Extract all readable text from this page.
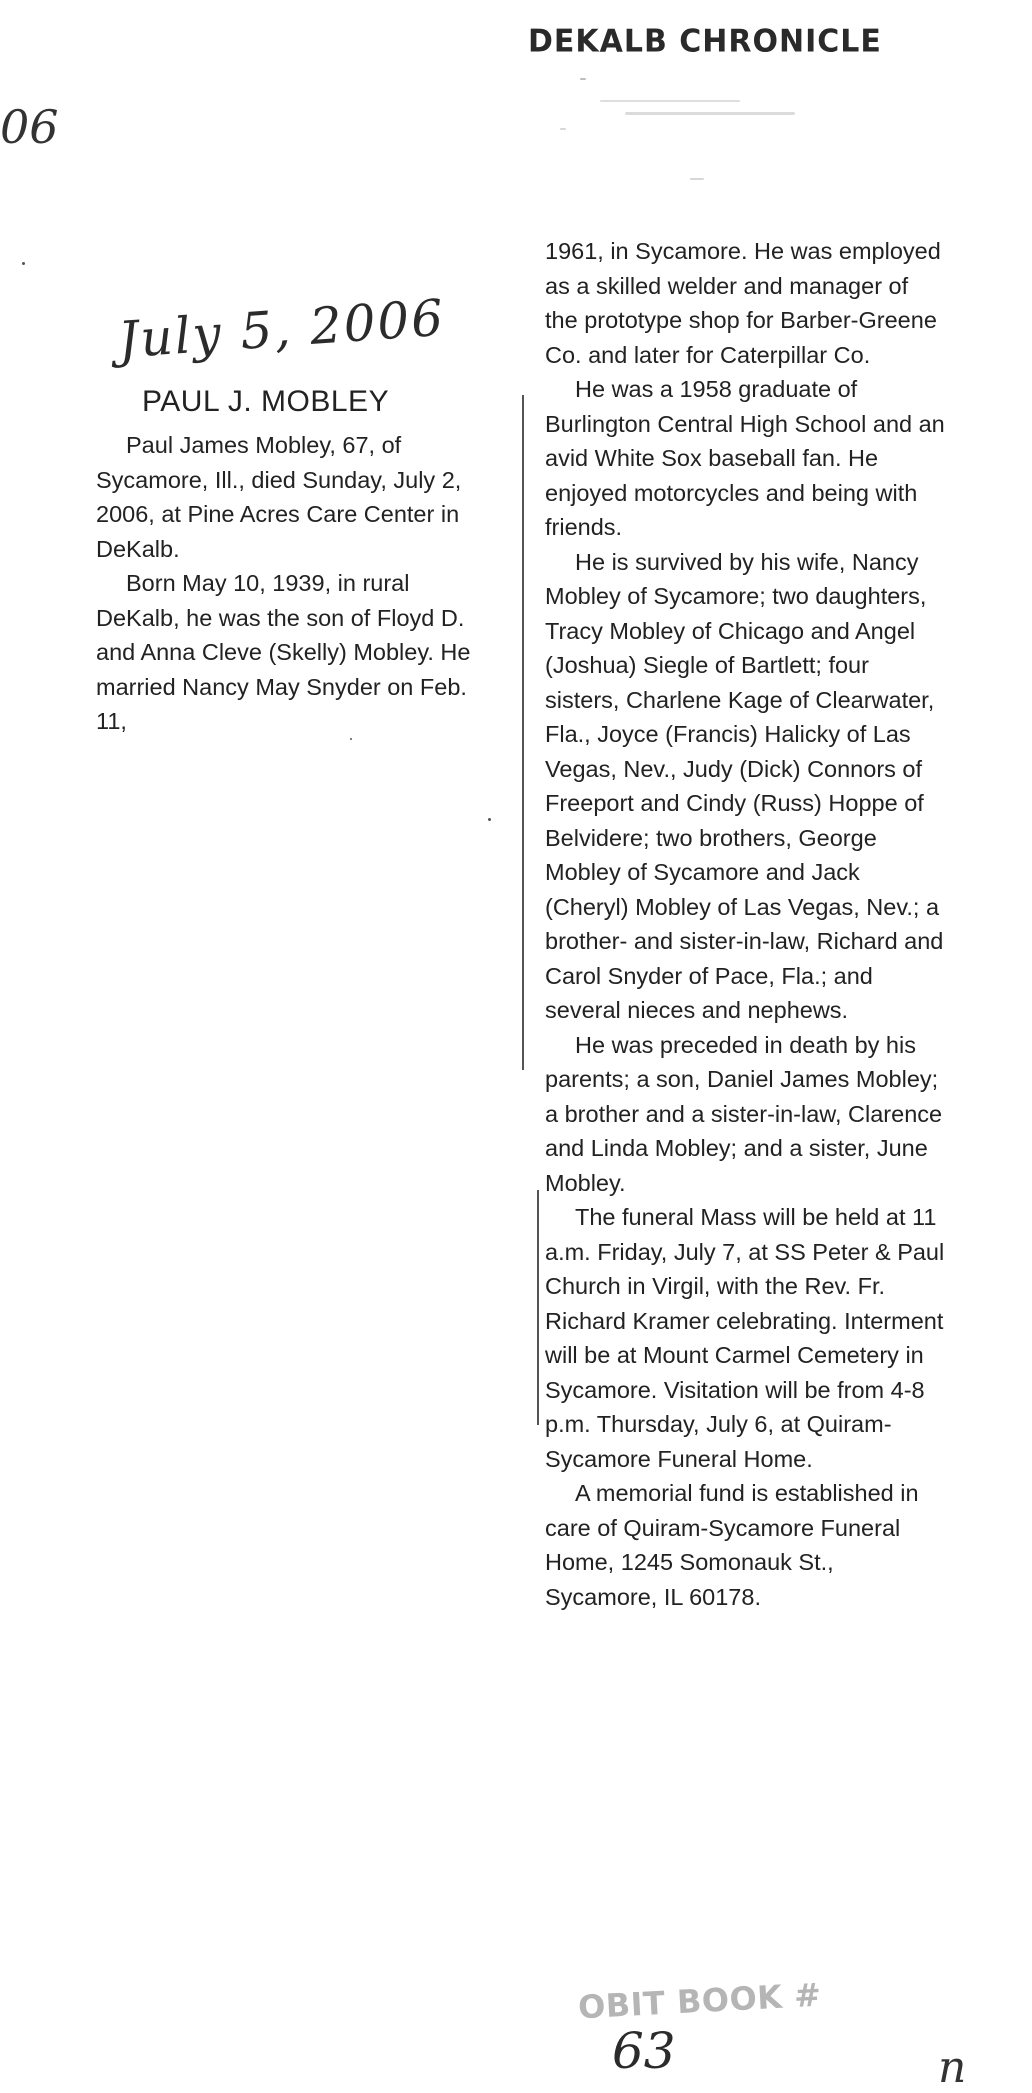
DEKALB CHRONICLE
06
July 5, 2006
PAUL J. MOBLEY

Paul James Mobley, 67, of Sycamore, Ill., died Sunday, July 2, 2006, at Pine Acres Care Center in DeKalb.

Born May 10, 1939, in rural DeKalb, he was the son of Floyd D. and Anna Cleve (Skelly) Mobley. He married Nancy May Snyder on Feb. 11,

1961, in Sycamore. He was employed as a skilled welder and manager of the prototype shop for Barber-Greene Co. and later for Caterpillar Co.

He was a 1958 graduate of Burlington Central High School and an avid White Sox baseball fan. He enjoyed motorcycles and being with friends.

He is survived by his wife, Nancy Mobley of Sycamore; two daughters, Tracy Mobley of Chicago and Angel (Joshua) Siegle of Bartlett; four sisters, Charlene Kage of Clearwater, Fla., Joyce (Francis) Halicky of Las Vegas, Nev., Judy (Dick) Connors of Freeport and Cindy (Russ) Hoppe of Belvidere; two brothers, George Mobley of Sycamore and Jack (Cheryl) Mobley of Las Vegas, Nev.; a brother- and sister-in-law, Richard and Carol Snyder of Pace, Fla.; and several nieces and nephews.

He was preceded in death by his parents; a son, Daniel James Mobley; a brother and a sister-in-law, Clarence and Linda Mobley; and a sister, June Mobley.

The funeral Mass will be held at 11 a.m. Friday, July 7, at SS Peter & Paul Church in Virgil, with the Rev. Fr. Richard Kramer celebrating. Interment will be at Mount Carmel Cemetery in Sycamore. Visitation will be from 4-8 p.m. Thursday, July 6, at Quiram-Sycamore Funeral Home.

A memorial fund is established in care of Quiram-Sycamore Funeral Home, 1245 Somonauk St., Sycamore, IL 60178.

OBIT BOOK #
63	n
